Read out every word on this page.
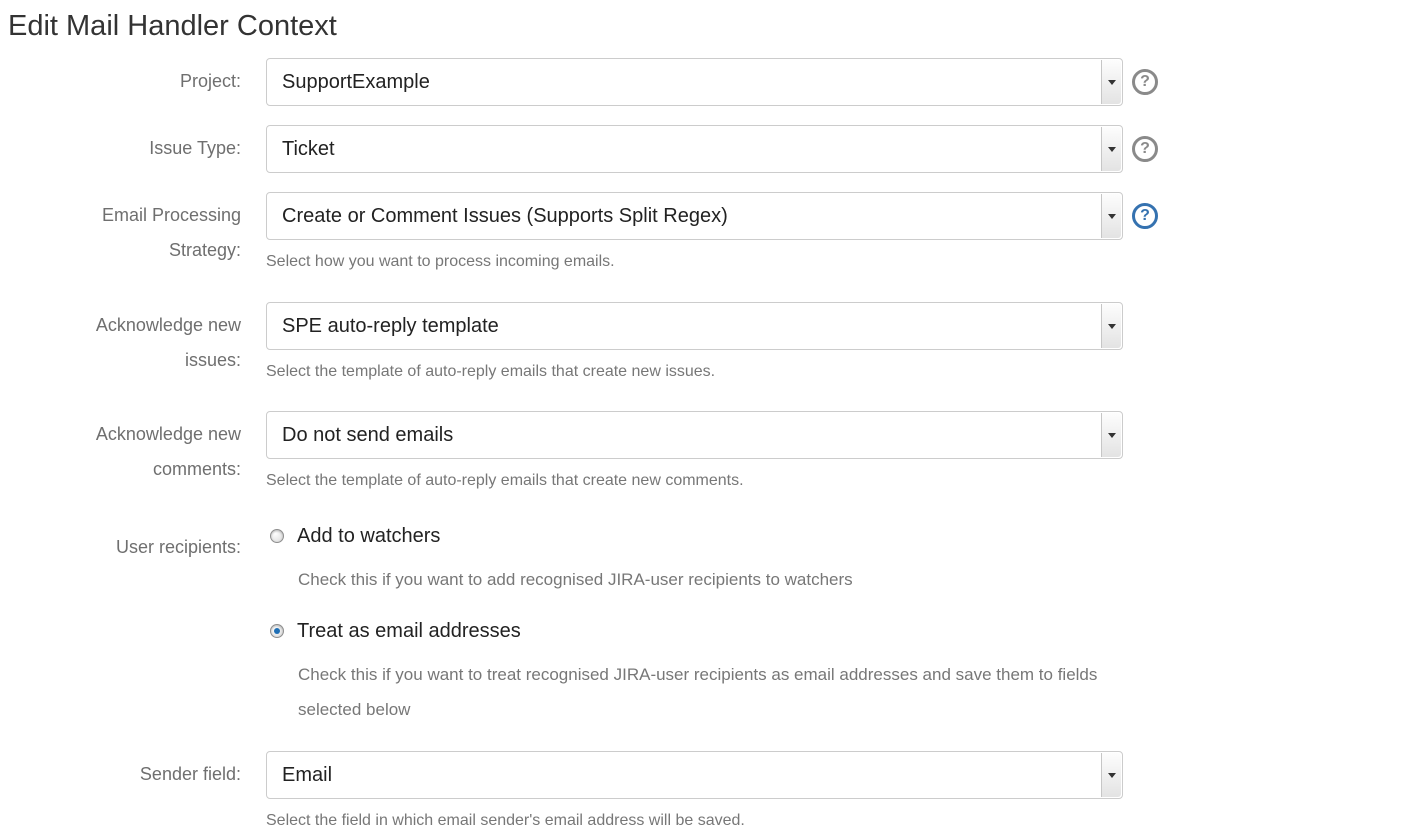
Edit Mail Handler Context
Project: SupportExample	?
Issue Type: Ticket	?
Email Processing Strategy:
Create or Comment Issues (Supports Split Regex)	?
Select how you want to process incoming emails.
Acknowledge new issues:
SPE auto-reply template
Select the template of auto-reply emails that create new issues.
Acknowledge new comments:
Do not send emails
Select the template of auto-reply emails that create new comments.
User recipients:	Add to watchers
Check this if you want to add recognised JIRA-user recipients to watchers
Treat as email addresses
Check this if you want to treat recognised JIRA-user recipients as email addresses and save them to fields selected below
Sender field: Email
Select the field in which email sender's email address will be saved.
